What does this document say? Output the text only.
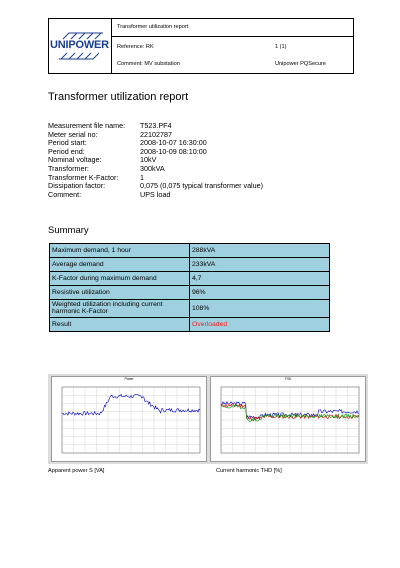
UNIPOWER
Transformer utilization report
Reference: RK	1 (1)
Comment: MV substation	Unipower PQSecure
Transformer utilization report
Measurement file name:	T523.PF4
Meter serial no:	22102787
Period start:	2008-10-07 16:30:00
Period end:	2008-10-09 08:10:00
Nominal voltage:	10kV
Transformer:	300kVA
Transformer K-Factor:	1
Dissipation factor:	0,075 (0,075 typical transformer value)
Comment:	UPS load
Summary
Maximum demand, 1 hour	288kVA
Average demand	233kVA
K-Factor during maximum demand	4,7
Resistive utilization	96%
Weighted utilization including current harmonic K-Factor	108%
Result	Overloaded
Power	THD
Apparent power S [VA]	Current harmonic THD [%]
